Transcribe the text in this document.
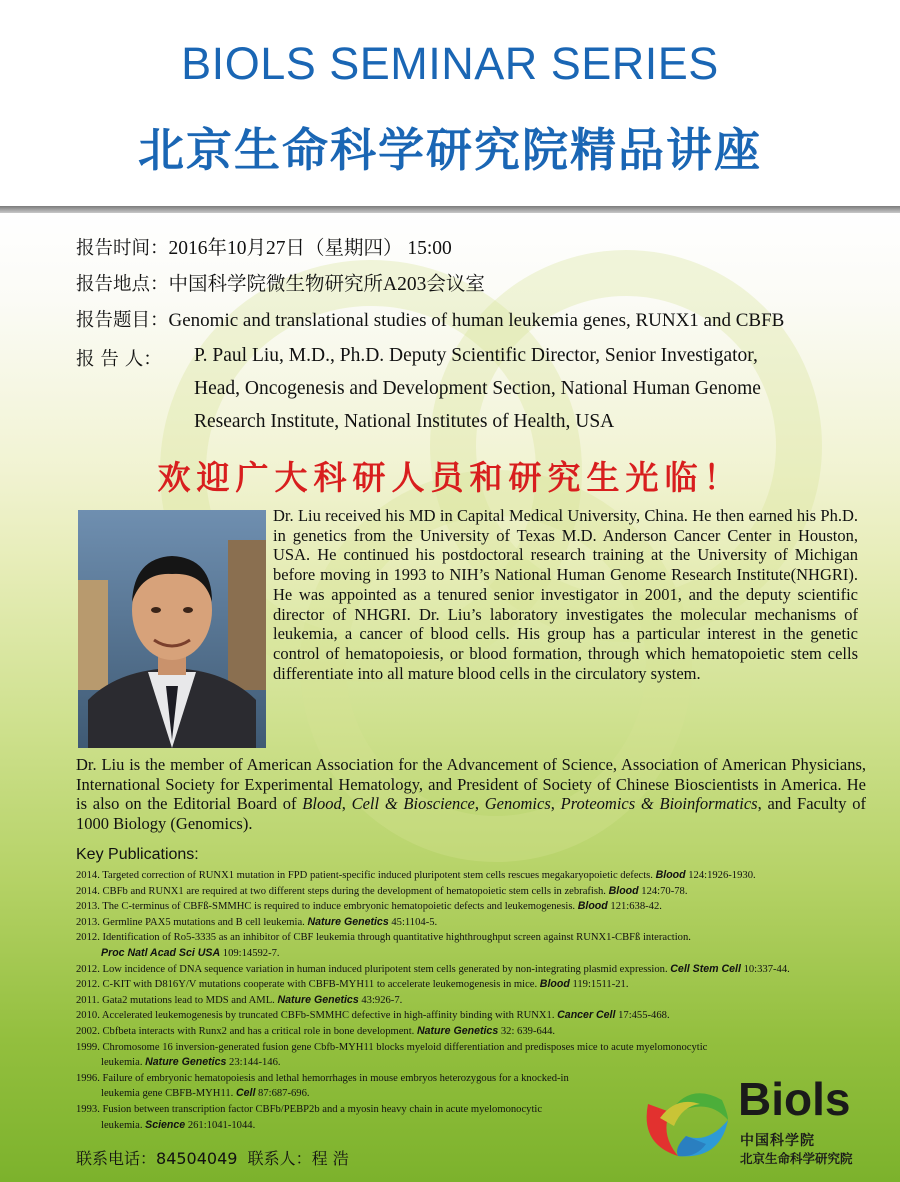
BIOLS SEMINAR SERIES
北京生命科学研究院精品讲座
报告时间：2016年10月27日（星期四） 15:00
报告地点：中国科学院微生物研究所A203会议室
报告题目：Genomic and translational studies of human leukemia genes, RUNX1 and CBFB
报 告 人： P. Paul Liu, M.D., Ph.D. Deputy Scientific Director, Senior Investigator,
Head, Oncogenesis and Development Section, National Human Genome
Research Institute, National Institutes of Health, USA
欢迎广大科研人员和研究生光临！
Dr. Liu received his MD in Capital Medical University, China. He then earned his Ph.D. in genetics from the University of Texas M.D. Anderson Cancer Center in Houston, USA. He continued his postdoctoral research training at the University of Michigan before moving in 1993 to NIH’s National Human Genome Research Institute(NHGRI). He was appointed as a tenured senior investigator in 2001, and the deputy scientific director of NHGRI. Dr. Liu’s laboratory investigates the molecular mechanisms of leukemia, a cancer of blood cells. His group has a particular interest in the genetic control of hematopoiesis, or blood formation, through which hematopoietic stem cells differentiate into all mature blood cells in the circulatory system.
Dr. Liu is the member of American Association for the Advancement of Science, Association of American Physicians, International Society for Experimental Hematology, and President of Society of Chinese Bioscientists in America. He is also on the Editorial Board of Blood, Cell & Bioscience, Genomics, Proteomics & Bioinformatics, and Faculty of 1000 Biology (Genomics).
Key Publications:
2014. Targeted correction of RUNX1 mutation in FPD patient-specific induced pluripotent stem cells rescues megakaryopoietic defects. Blood 124:1926-1930.
2014. CBFb and RUNX1 are required at two different steps during the development of hematopoietic stem cells in zebrafish. Blood 124:70-78.
2013. The C-terminus of CBFß-SMMHC is required to induce embryonic hematopoietic defects and leukemogenesis. Blood 121:638-42.
2013. Germline PAX5 mutations and B cell leukemia. Nature Genetics 45:1104-5.
2012. Identification of Ro5-3335 as an inhibitor of CBF leukemia through quantitative highthroughput screen against RUNX1-CBFß interaction.
Proc Natl Acad Sci USA 109:14592-7.
2012. Low incidence of DNA sequence variation in human induced pluripotent stem cells generated by non-integrating plasmid expression. Cell Stem Cell 10:337-44.
2012. C-KIT with D816Y/V mutations cooperate with CBFB-MYH11 to accelerate leukemogenesis in mice. Blood 119:1511-21.
2011. Gata2 mutations lead to MDS and AML. Nature Genetics 43:926-7.
2010. Accelerated leukemogenesis by truncated CBFb-SMMHC defective in high-affinity binding with RUNX1. Cancer Cell 17:455-468.
2002. Cbfbeta interacts with Runx2 and has a critical role in bone development. Nature Genetics 32: 639-644.
1999. Chromosome 16 inversion-generated fusion gene Cbfb-MYH11 blocks myeloid differentiation and predisposes mice to acute myelomonocytic
leukemia. Nature Genetics 23:144-146.
1996. Failure of embryonic hematopoiesis and lethal hemorrhages in mouse embryos heterozygous for a knocked-in
leukemia gene CBFB-MYH11. Cell 87:687-696.
1993. Fusion between transcription factor CBFb/PEBP2b and a myosin heavy chain in acute myelomonocytic
leukemia. Science 261:1041-1044.
联系电话：84504049 联系人：程 浩
Biols
中国科学院
北京生命科学研究院
